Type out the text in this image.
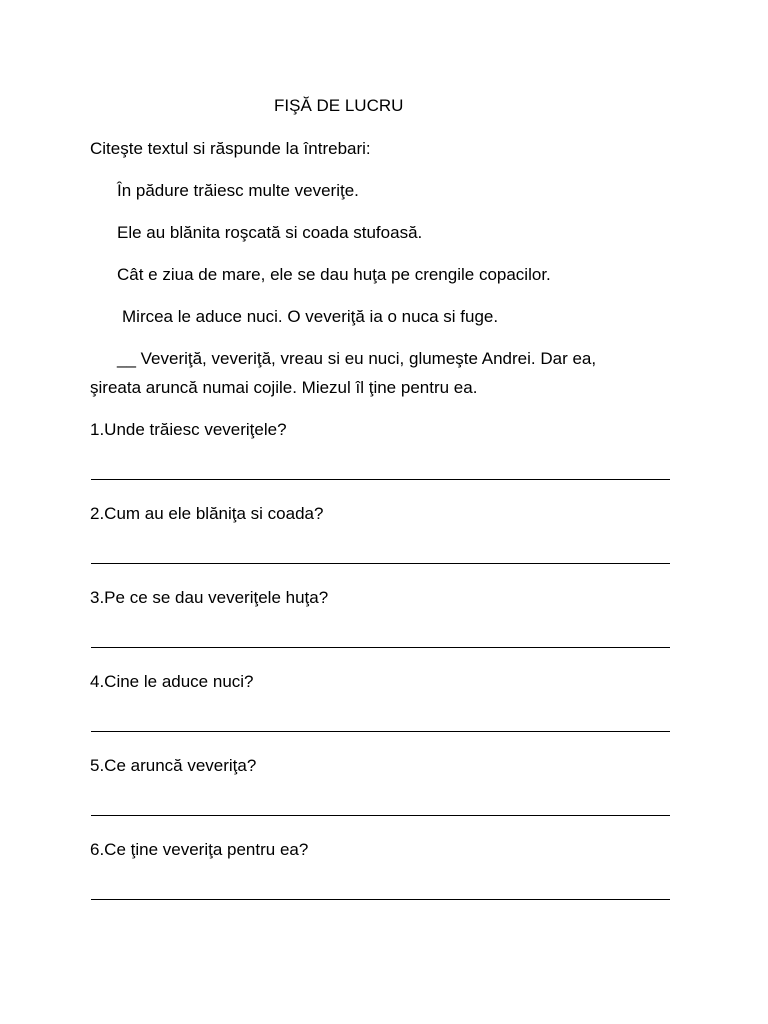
FIŞĂ DE LUCRU
Citeşte textul si răspunde la întrebari:
În pădure trăiesc multe veveriţe.
Ele au blănita roşcată si coada stufoasă.
Cât e ziua de mare, ele se dau huţa pe crengile copacilor.
Mircea le aduce nuci. O veveriţă ia o nuca si fuge.
__ Veveriţă, veveriţă, vreau si eu nuci, glumeşte Andrei. Dar ea,
şireata aruncă numai cojile. Miezul îl ţine pentru ea.
1.Unde trăiesc veveriţele?
2.Cum au ele blăniţa si coada?
3.Pe ce se dau veveriţele huţa?
4.Cine le aduce nuci?
5.Ce aruncă veveriţa?
6.Ce ţine veveriţa pentru ea?
